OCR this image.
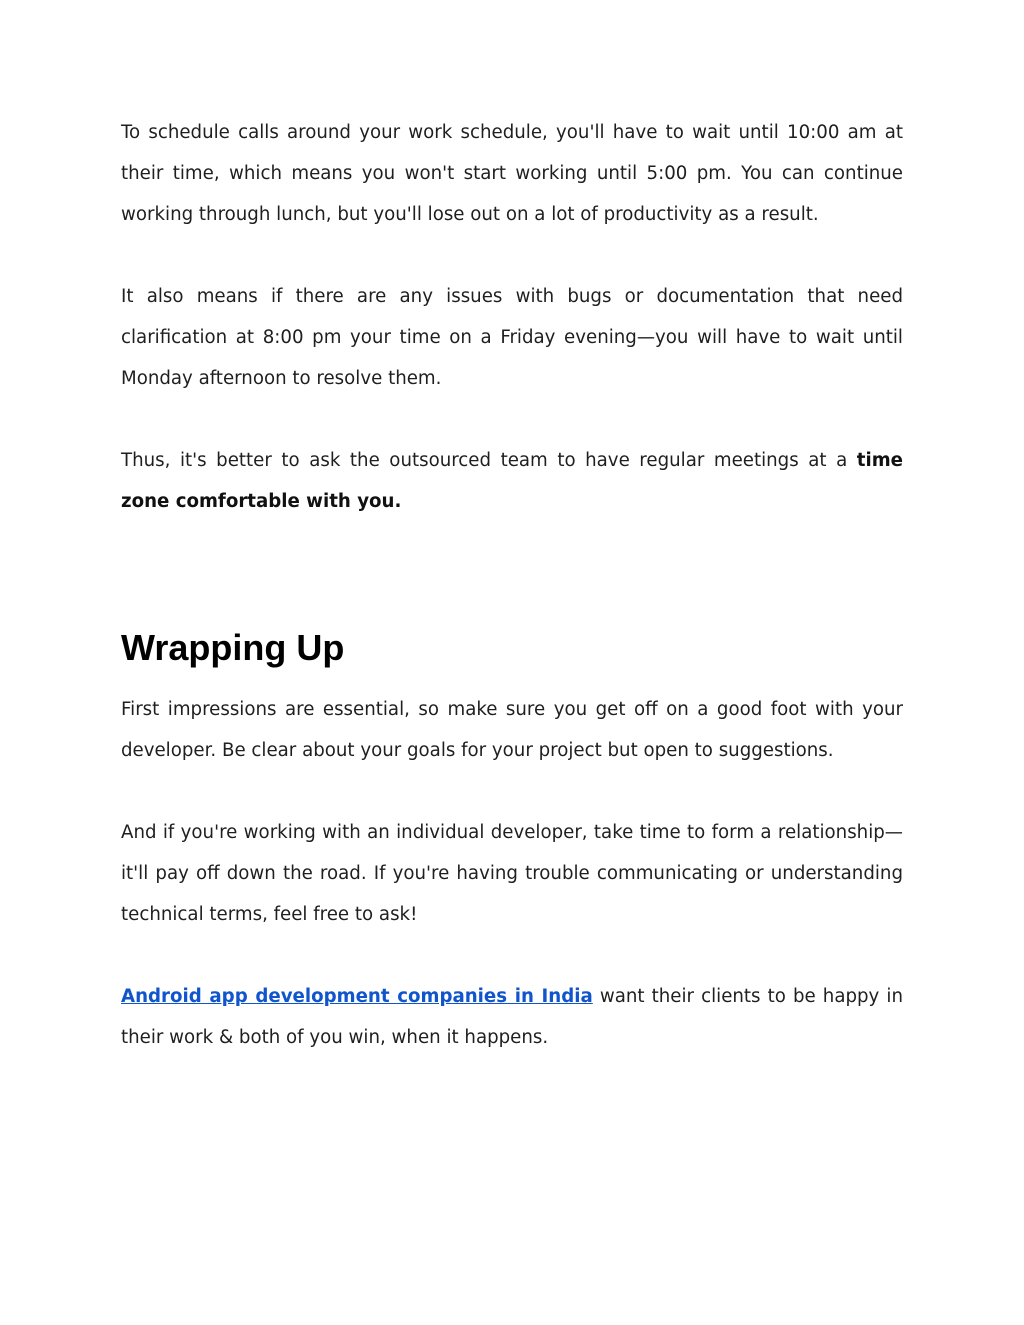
To schedule calls around your work schedule, you'll have to wait until 10:00 am at their time, which means you won't start working until 5:00 pm. You can continue working through lunch, but you'll lose out on a lot of productivity as a result.

It also means if there are any issues with bugs or documentation that need clarification at 8:00 pm your time on a Friday evening—you will have to wait until Monday afternoon to resolve them.

Thus, it's better to ask the outsourced team to have regular meetings at a time zone comfortable with you.

Wrapping Up

First impressions are essential, so make sure you get off on a good foot with your developer. Be clear about your goals for your project but open to suggestions.

And if you're working with an individual developer, take time to form a relationship—it'll pay off down the road. If you're having trouble communicating or understanding technical terms, feel free to ask!

Android app development companies in India want their clients to be happy in their work & both of you win, when it happens.
